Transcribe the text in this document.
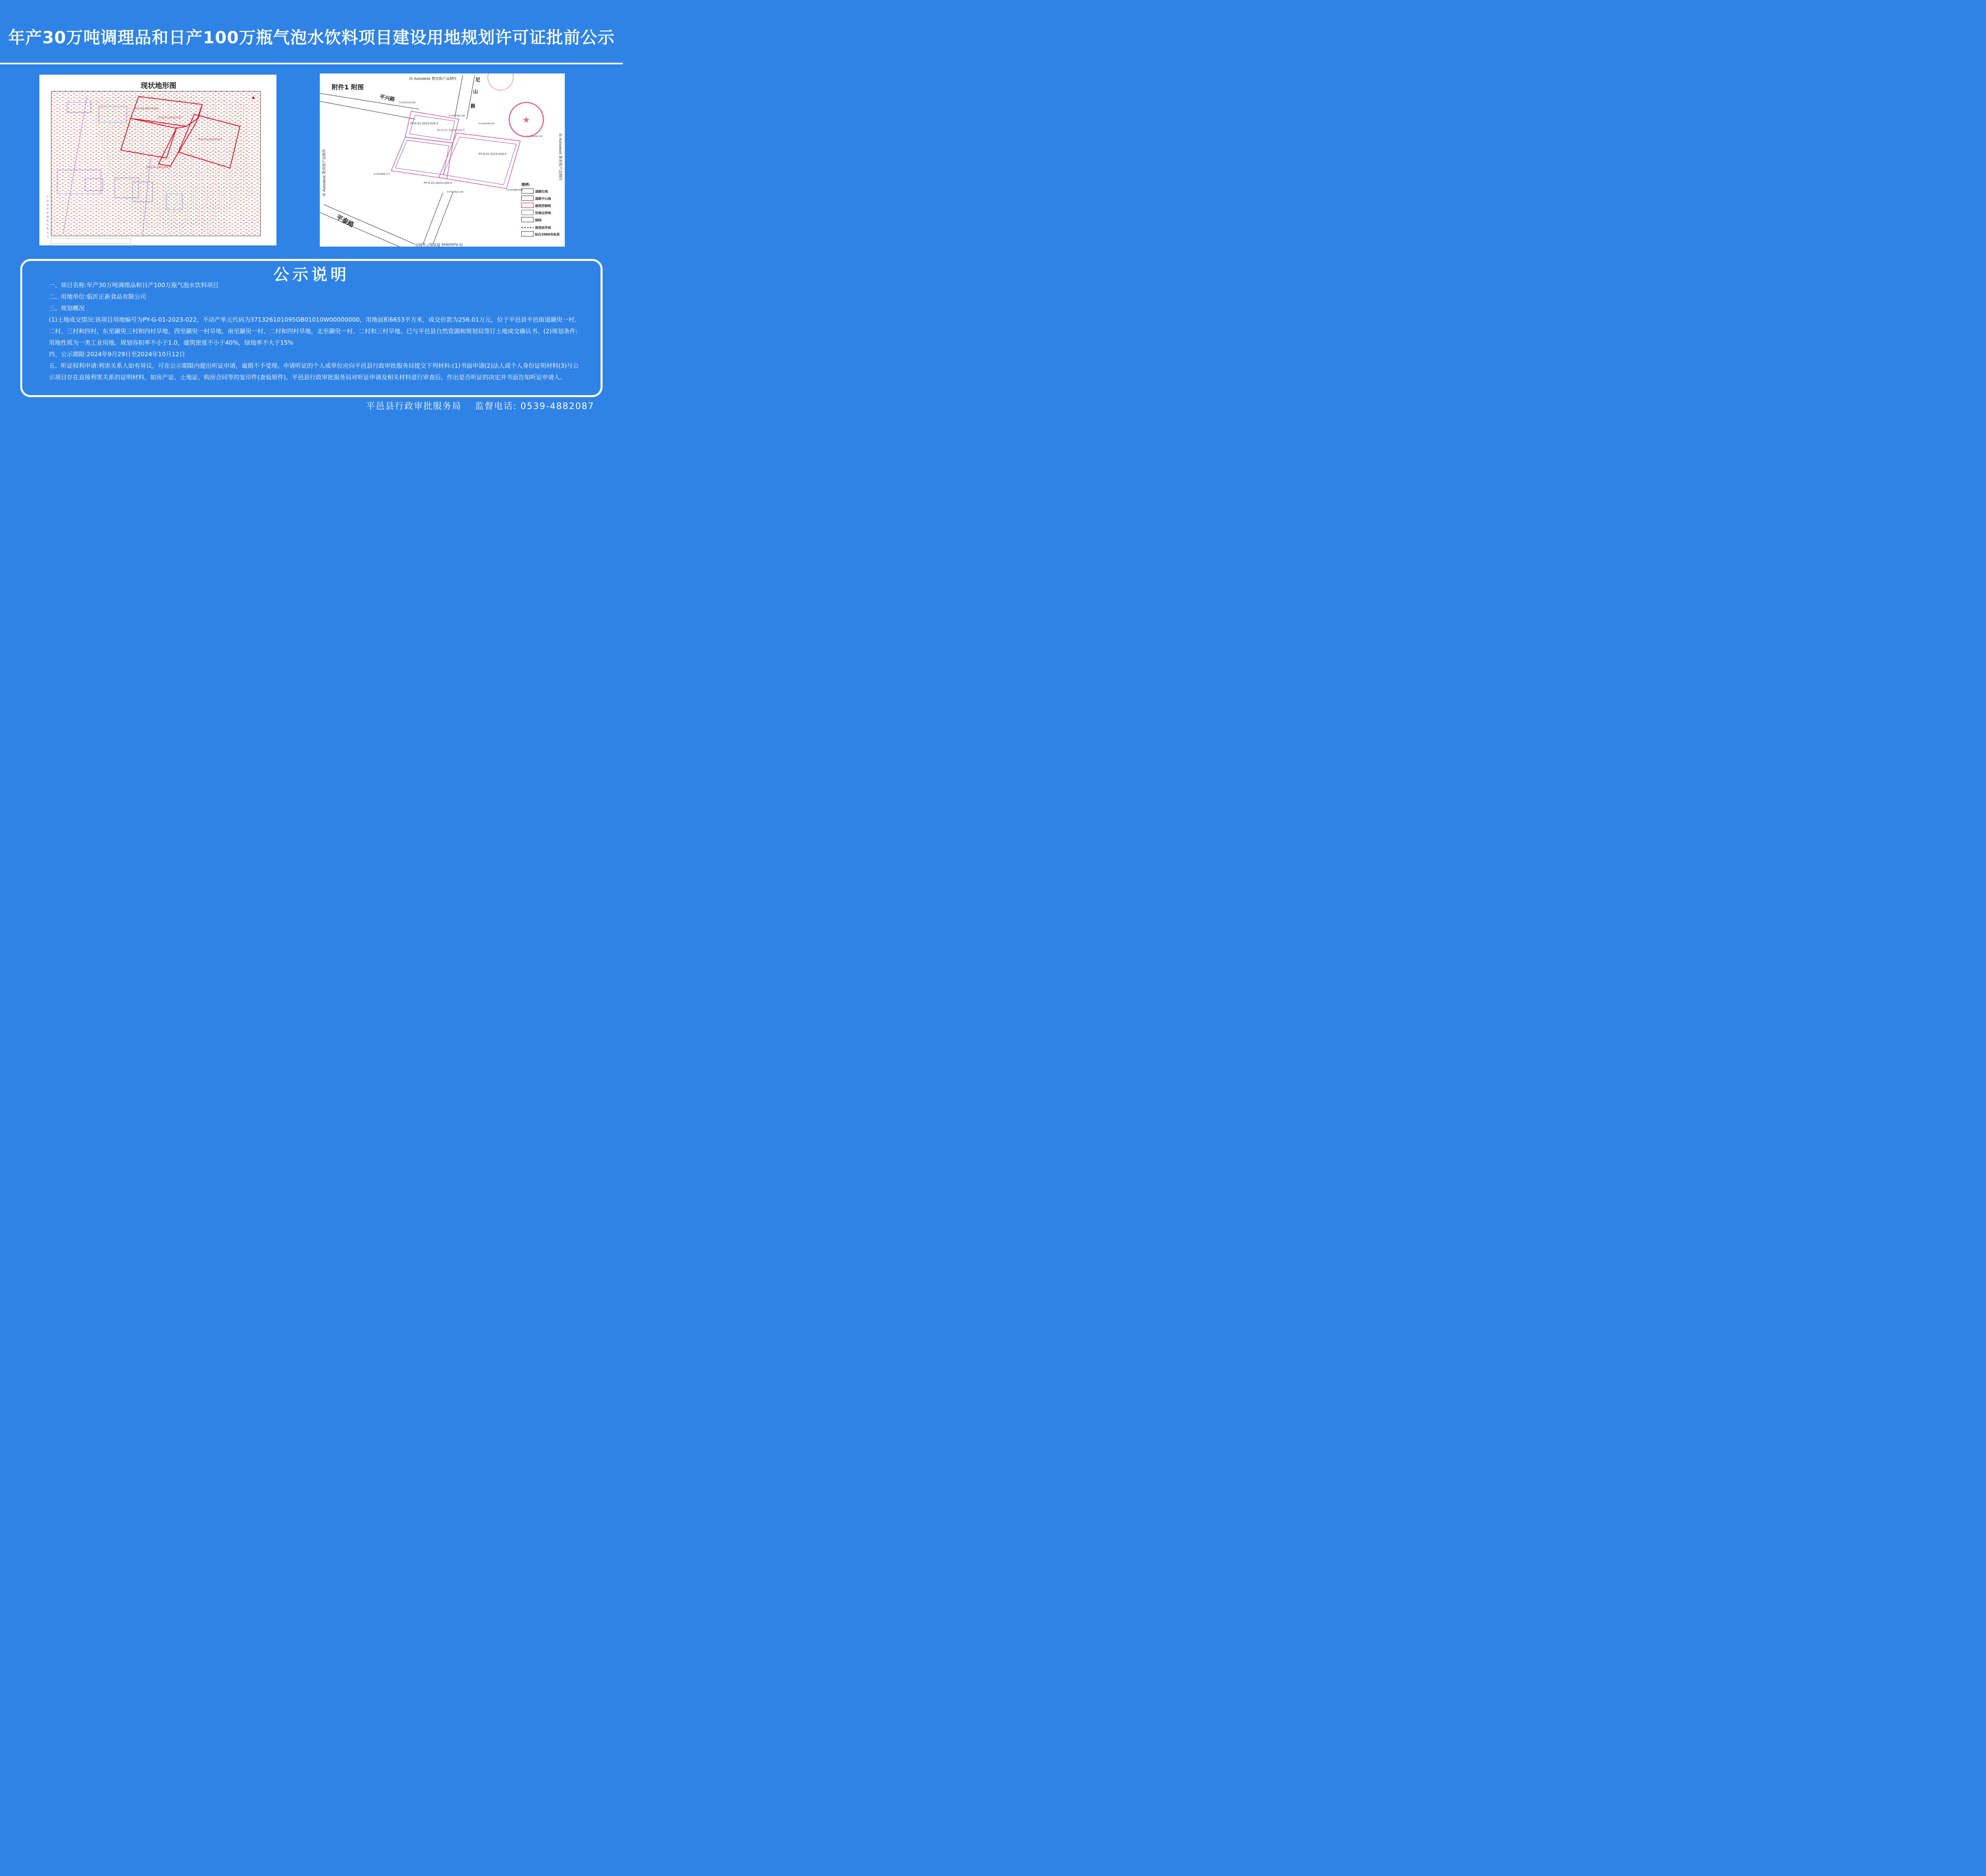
年产30万吨调理品和日产100万瓶气泡水饮料项目建设用地规划许可证批前公示
现状地形图
PY-G-01-2023-016-2
PY-G-01-2023-022号
PY-G-01-2023-016-5
PY-G-01-2023-016-3
▲
平
邑
县
安
居
测
绘
有
限
公
司
由 Autodesk 教育版产品制作
附件1 附图
平兴路
尼
山
路
平泰路
PY-G-01-2023-016-2
PY-G-01-2023-022号
PY-G-01-2023-016-5
PY-G-01-2023-016-3
X=3930149.569
X=3930082.283
X=3930083.497
X=3930004.130
X=3929906.177
X=3929820.249
X=3929864.896
由 Autodesk 教育版产品制作	由 Autodesk 教育版产品制作
由 Autodesk 教育版产品制作
★
图例:
道路红线
道路中心线
建筑控制线
用地边界线
绿线
规划条件线
标注2000坐标系
公示说明

一、项目名称:年产30万吨调理品和日产100万瓶气泡水饮料项目

二、用地单位:临沂正新食品有限公司

三、规划概况

(1)土地成交情况:该项目用地编号为PY-G-01-2023-022，不动产单元代码为371326101095GB01010W00000000，用地面积6653平方米，成交价款为256.01万元，位于平邑县平邑街道颛臾一村、二村、三村和四村，东至颛臾三村和四村旱地，西至颛臾一村旱地，南至颛臾一村、二村和四村旱地，北至颛臾一村、二村和三村旱地。已与平邑县自然资源和规划局签订土地成交确认书。(2)规划条件:用地性质为一类工业用地。规划容积率不小于1.0，建筑密度不小于40%，绿地率不大于15%

四、公示期限:2024年9月29日至2024年10月12日

五、听证权利申请:利害关系人如有异议，可在公示期限内提出听证申请，逾期不予受理。申请听证的个人或单位应向平邑县行政审批服务局提交下列材料:(1)书面申请(2)法人或个人身份证明材料(3)与公示项目存在直接利害关系的证明材料，如房产证、土地证、购房合同等的复印件(查验原件)，平邑县行政审批服务局对听证申请及相关材料进行审查后，作出是否听证的决定并书面告知听证申请人。

平邑县行政审批服务局 监督电话: 0539-4882087
